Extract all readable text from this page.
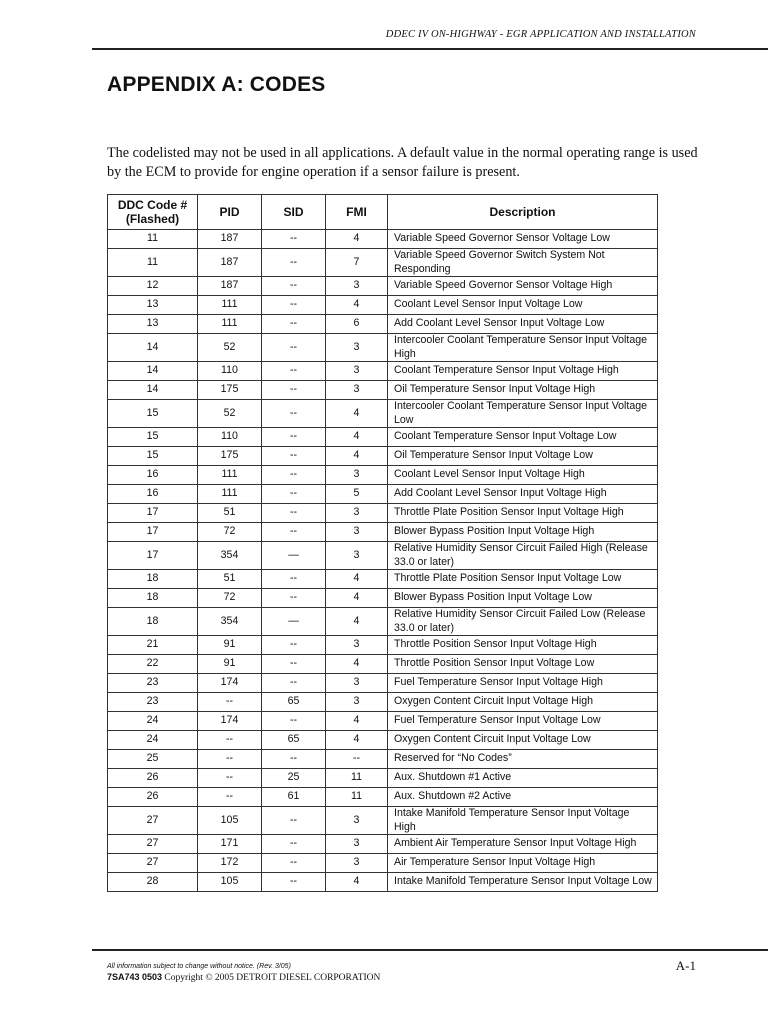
DDEC IV ON-HIGHWAY - EGR APPLICATION AND INSTALLATION
APPENDIX A: CODES

The codelisted may not be used in all applications. A default value in the normal operating range is used by the ECM to provide for engine operation if a sensor failure is present.

DDC Code # (Flashed)	PID	SID	FMI	Description
11	187	--	4	Variable Speed Governor Sensor Voltage Low
11	187	--	7	Variable Speed Governor Switch System Not Responding
12	187	--	3	Variable Speed Governor Sensor Voltage High
13	111	--	4	Coolant Level Sensor Input Voltage Low
13	111	--	6	Add Coolant Level Sensor Input Voltage Low
14	52	--	3	Intercooler Coolant Temperature Sensor Input Voltage High
14	110	--	3	Coolant Temperature Sensor Input Voltage High
14	175	--	3	Oil Temperature Sensor Input Voltage High
15	52	--	4	Intercooler Coolant Temperature Sensor Input Voltage Low
15	110	--	4	Coolant Temperature Sensor Input Voltage Low
15	175	--	4	Oil Temperature Sensor Input Voltage Low
16	111	--	3	Coolant Level Sensor Input Voltage High
16	111	--	5	Add Coolant Level Sensor Input Voltage High
17	51	--	3	Throttle Plate Position Sensor Input Voltage High
17	72	--	3	Blower Bypass Position Input Voltage High
17	354	—	3	Relative Humidity Sensor Circuit Failed High (Release 33.0 or later)
18	51	--	4	Throttle Plate Position Sensor Input Voltage Low
18	72	--	4	Blower Bypass Position Input Voltage Low
18	354	—	4	Relative Humidity Sensor Circuit Failed Low (Release 33.0 or later)
21	91	--	3	Throttle Position Sensor Input Voltage High
22	91	--	4	Throttle Position Sensor Input Voltage Low
23	174	--	3	Fuel Temperature Sensor Input Voltage High
23	--	65	3	Oxygen Content Circuit Input Voltage High
24	174	--	4	Fuel Temperature Sensor Input Voltage Low
24	--	65	4	Oxygen Content Circuit Input Voltage Low
25	--	--	--	Reserved for “No Codes”
26	--	25	11	Aux. Shutdown #1 Active
26	--	61	11	Aux. Shutdown #2 Active
27	105	--	3	Intake Manifold Temperature Sensor Input Voltage High
27	171	--	3	Ambient Air Temperature Sensor Input Voltage High
27	172	--	3	Air Temperature Sensor Input Voltage High
28	105	--	4	Intake Manifold Temperature Sensor Input Voltage Low
All information subject to change without notice. (Rev. 3/05)
7SA743 0503 Copyright © 2005 DETROIT DIESEL CORPORATION
A-1
